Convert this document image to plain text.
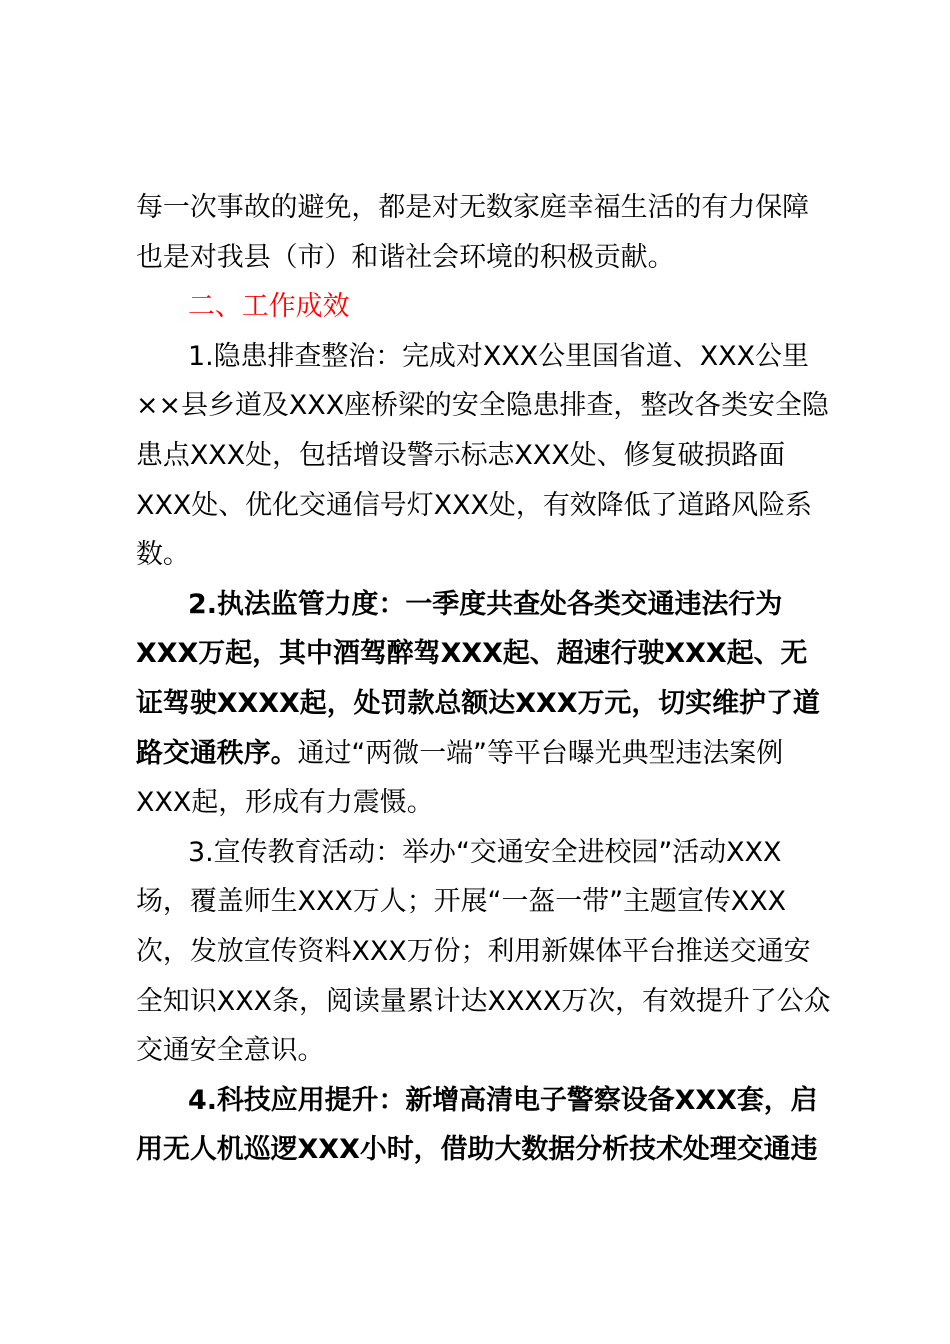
每一次事故的避免，都是对无数家庭幸福生活的有力保障
也是对我县（市）和谐社会环境的积极贡献。
二、工作成效
1.隐患排查整治：完成对XXX公里国省道、XXX公里
××县乡道及XXX座桥梁的安全隐患排查，整改各类安全隐
患点XXX处，包括增设警示标志XXX处、修复破损路面
XXX处、优化交通信号灯XXX处，有效降低了道路风险系
数。
2.执法监管力度：一季度共查处各类交通违法行为
XXX万起，其中酒驾醉驾XXX起、超速行驶XXX起、无
证驾驶XXXX起，处罚款总额达XXX万元，切实维护了道
路交通秩序。通过“两微一端”等平台曝光典型违法案例
XXX起，形成有力震慑。
3.宣传教育活动：举办“交通安全进校园”活动XXX
场，覆盖师生XXX万人；开展“一盔一带”主题宣传XXX
次，发放宣传资料XXX万份；利用新媒体平台推送交通安
全知识XXX条，阅读量累计达XXXX万次，有效提升了公众
交通安全意识。
4.科技应用提升：新增高清电子警察设备XXX套，启
用无人机巡逻XXX小时，借助大数据分析技术处理交通违
